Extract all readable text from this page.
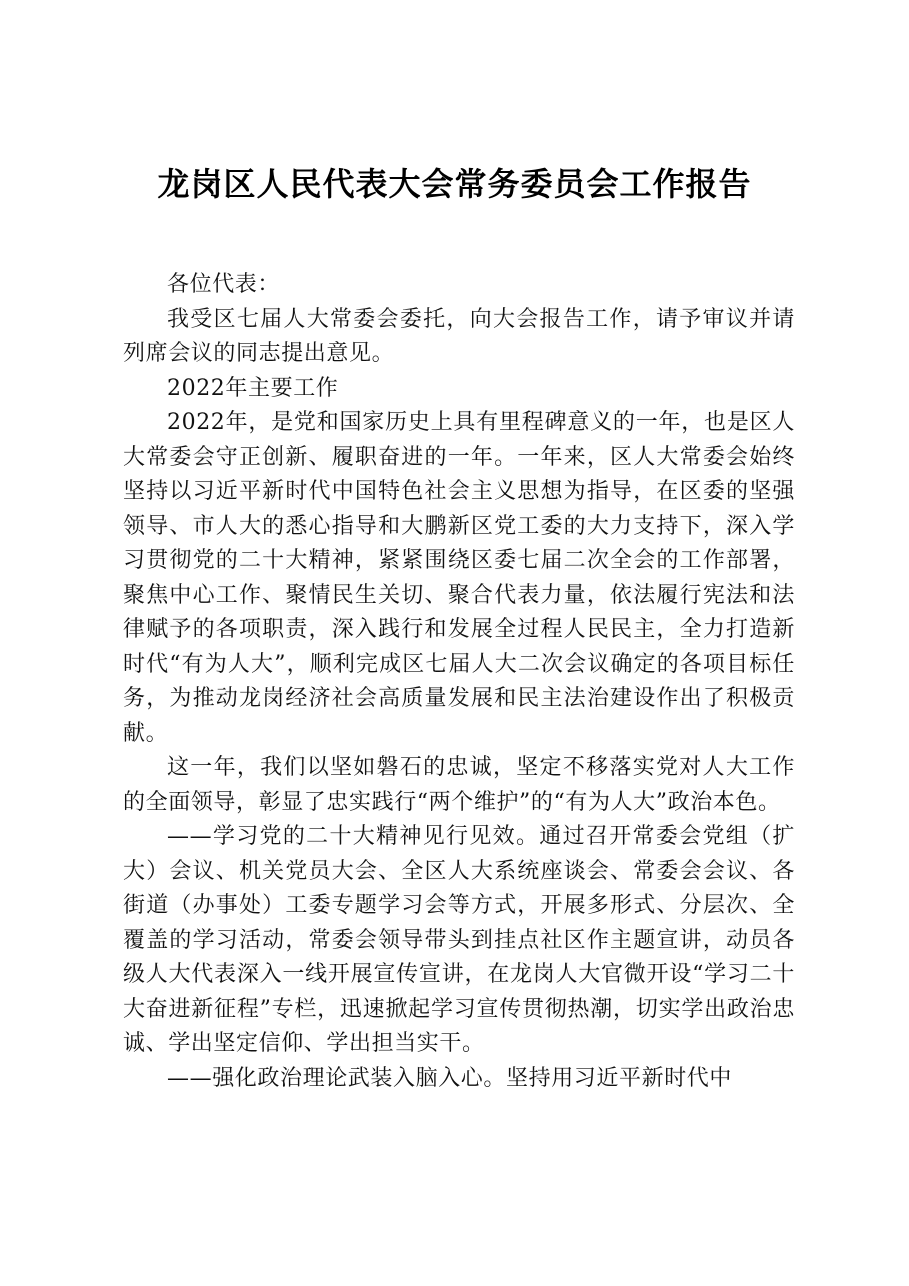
龙岗区人民代表大会常务委员会工作报告

各位代表：

我受区七届人大常委会委托，向大会报告工作，请予审议并请列席会议的同志提出意见。

2022年主要工作

2022年，是党和国家历史上具有里程碑意义的一年，也是区人大常委会守正创新、履职奋进的一年。一年来，区人大常委会始终坚持以习近平新时代中国特色社会主义思想为指导，在区委的坚强领导、市人大的悉心指导和大鹏新区党工委的大力支持下，深入学习贯彻党的二十大精神，紧紧围绕区委七届二次全会的工作部署，聚焦中心工作、聚情民生关切、聚合代表力量，依法履行宪法和法律赋予的各项职责，深入践行和发展全过程人民民主，全力打造新时代“有为人大”，顺利完成区七届人大二次会议确定的各项目标任务，为推动龙岗经济社会高质量发展和民主法治建设作出了积极贡献。

这一年，我们以坚如磐石的忠诚，坚定不移落实党对人大工作的全面领导，彰显了忠实践行“两个维护”的“有为人大”政治本色。

——学习党的二十大精神见行见效。通过召开常委会党组（扩大）会议、机关党员大会、全区人大系统座谈会、常委会会议、各街道（办事处）工委专题学习会等方式，开展多形式、分层次、全覆盖的学习活动，常委会领导带头到挂点社区作主题宣讲，动员各级人大代表深入一线开展宣传宣讲，在龙岗人大官微开设“学习二十大奋进新征程”专栏，迅速掀起学习宣传贯彻热潮，切实学出政治忠诚、学出坚定信仰、学出担当实干。

——强化政治理论武装入脑入心。坚持用习近平新时代中
